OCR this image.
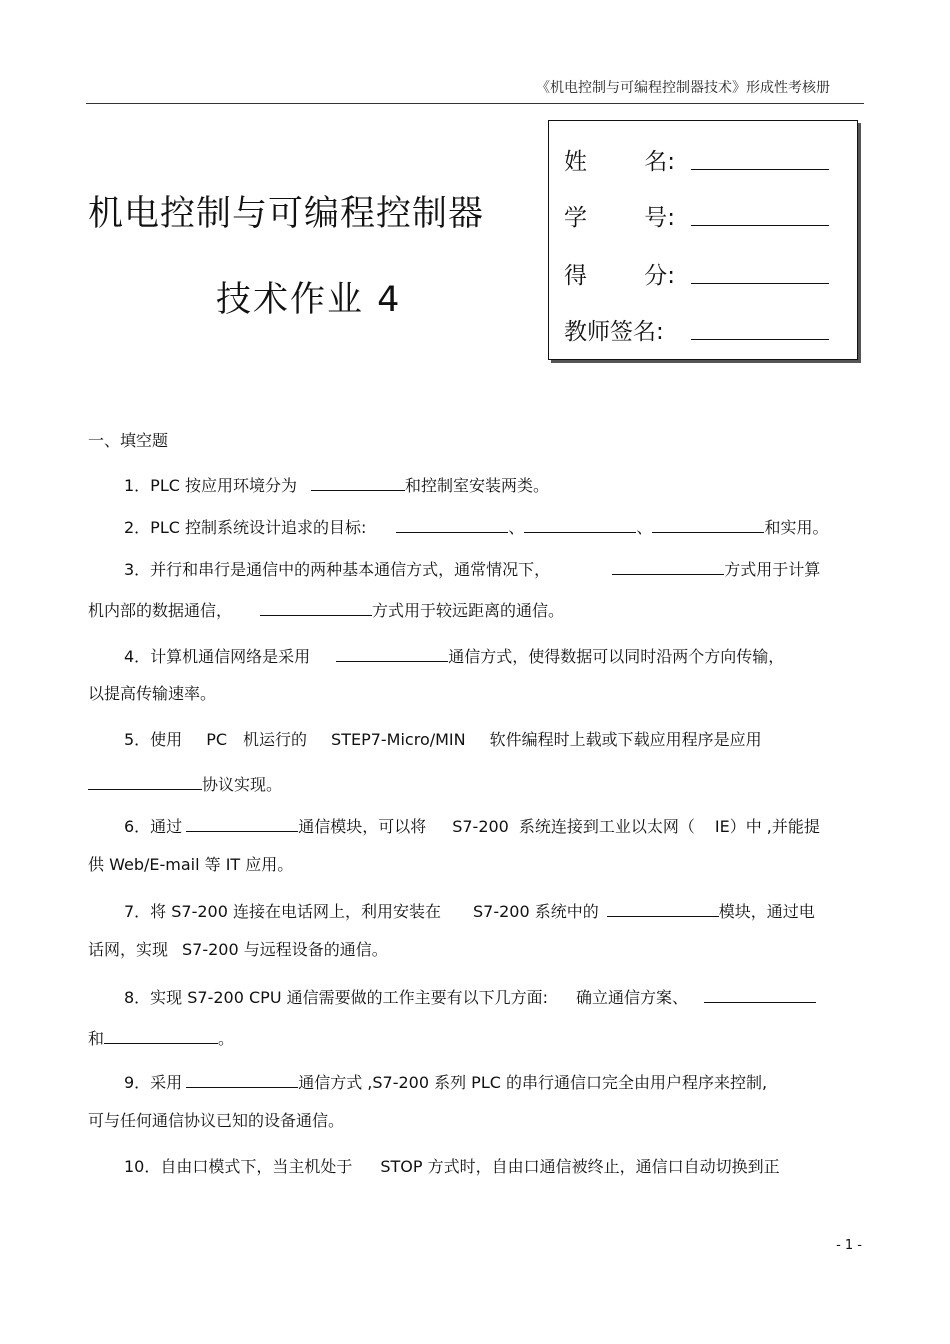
《机电控制与可编程控制器技术》形成性考核册
机电控制与可编程控制器
技术作业 4
姓 名:
学 号:
得 分:
教师签名:
一、填空题
1．PLC 按应用环境分为	和控制室安装两类。
2．PLC 控制系统设计追求的目标:	、	、	和实用。
3．并行和串行是通信中的两种基本通信方式，通常情况下，	方式用于计算
机内部的数据通信，	方式用于较远距离的通信。
4．计算机通信网络是采用	通信方式，使得数据可以同时沿两个方向传输，
以提高传输速率。
5．使用 PC 机运行的 STEP7-Micro/MIN 软件编程时上载或下载应用程序是应用
协议实现。
6．通过	通信模块，可以将 S7-200 系统连接到工业以太网（ IE）中 ,并能提
供 Web/E-mail 等 IT 应用。
7．将 S7-200 连接在电话网上，利用安装在 S7-200 系统中的	模块，通过电
话网，实现 S7-200 与远程设备的通信。
8．实现 S7-200 CPU 通信需要做的工作主要有以下几方面: 确立通信方案、
和	。
9．采用	通信方式 ,S7-200 系列 PLC 的串行通信口完全由用户程序来控制,
可与任何通信协议已知的设备通信。
10．自由口模式下，当主机处于 STOP 方式时，自由口通信被终止，通信口自动切换到正
- 1 -
